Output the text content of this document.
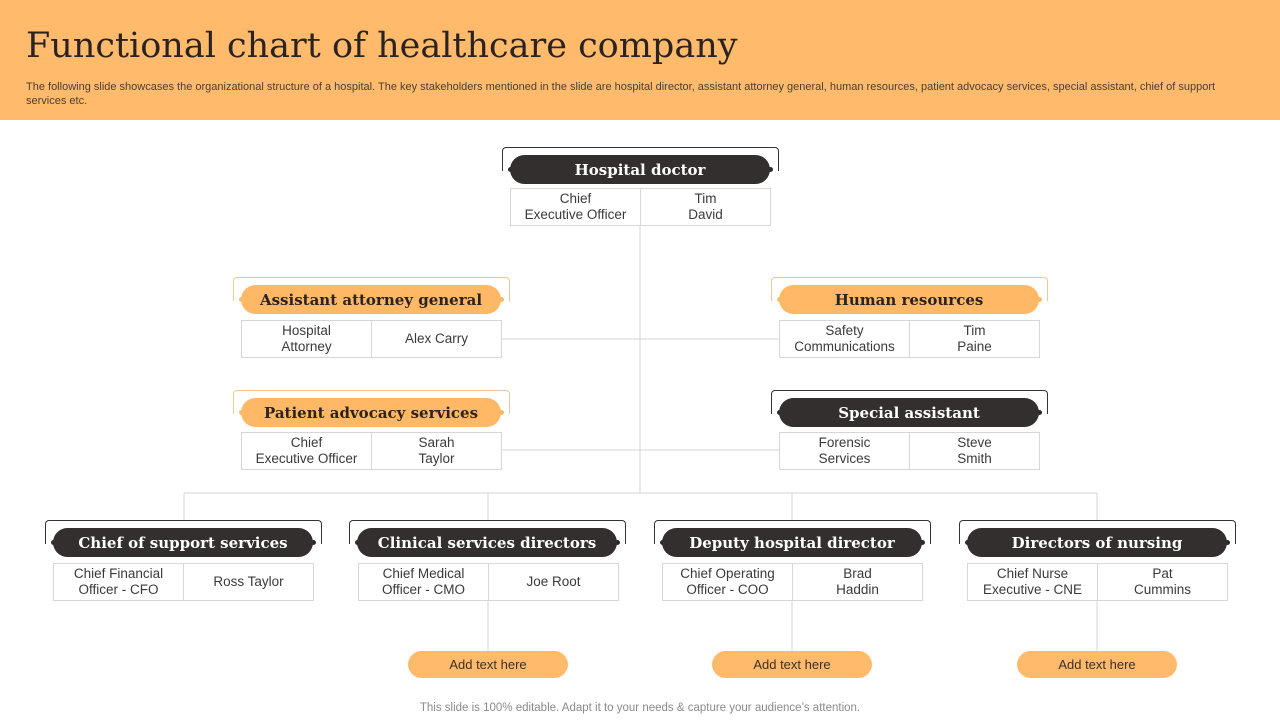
Functional chart of healthcare company

The following slide showcases the organizational structure of a hospital. The key stakeholders mentioned in the slide are hospital director, assistant attorney general, human resources, patient advocacy services, special assistant, chief of support services etc.

Hospital doctor
Chief
Executive Officer
Tim
David
Assistant attorney general
Hospital
Attorney
Alex Carry
Human resources
Safety
Communications
Tim
Paine
Patient advocacy services
Chief
Executive Officer
Sarah
Taylor
Special assistant
Forensic
Services
Steve
Smith
Chief of support services
Chief Financial
Officer - CFO
Ross Taylor
Clinical services directors
Chief Medical
Officer - CMO
Joe Root
Deputy hospital director
Chief Operating
Officer - COO
Brad
Haddin
Directors of nursing
Chief Nurse
Executive - CNE
Pat
Cummins
Add text here	Add text here	Add text here
This slide is 100% editable. Adapt it to your needs & capture your audience’s attention.
